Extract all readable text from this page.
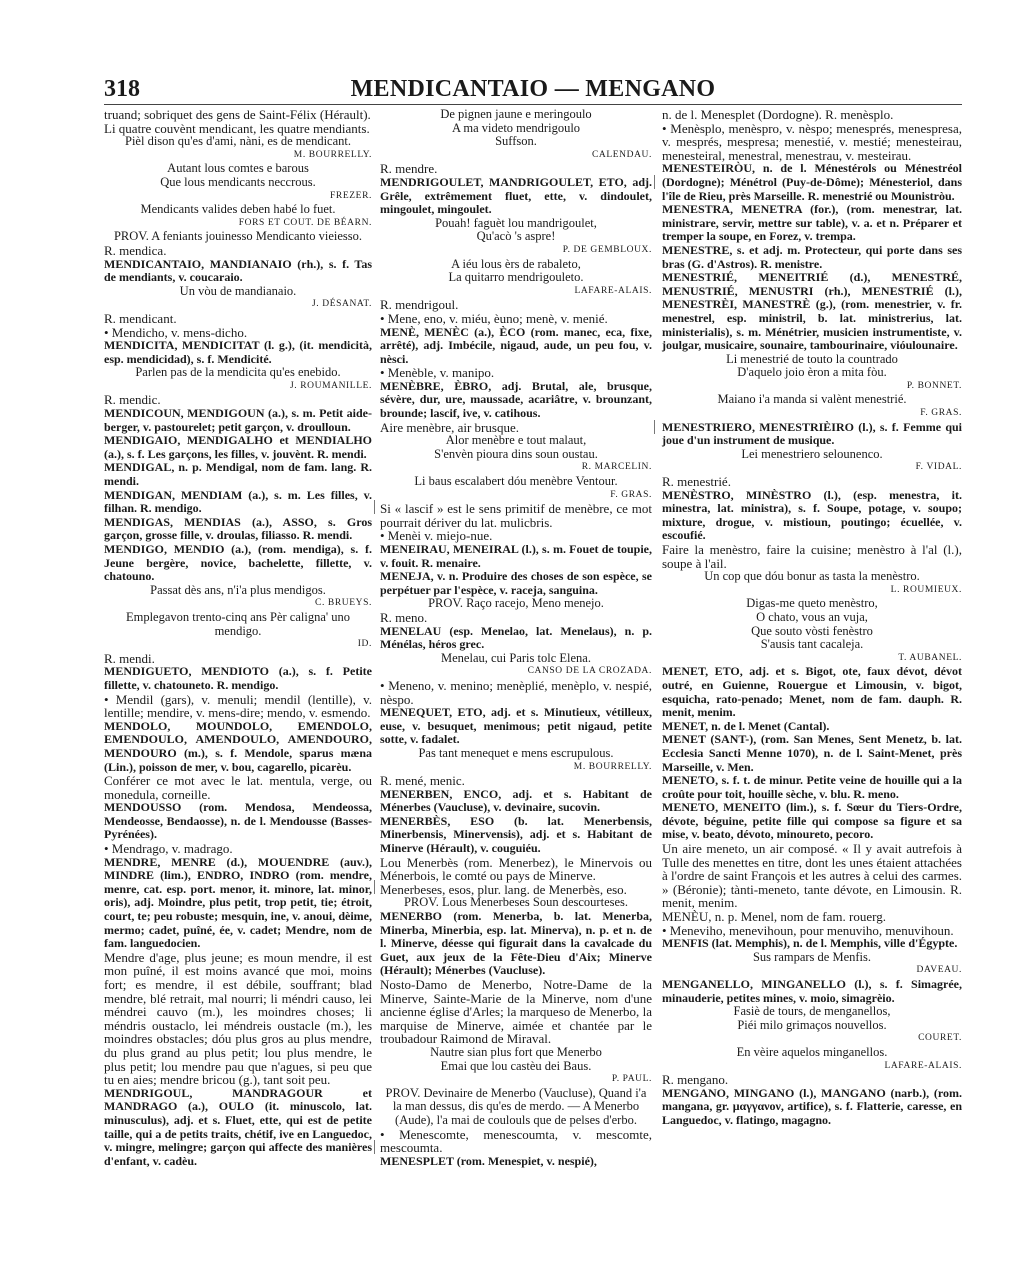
318	MENDICANTAIO — MENGANO

truand; sobriquet des gens de Saint-Félix (Hérault).

Li quatre couvènt mendicant, les quatre mendiants.

Pièl dison qu'es d'ami, nàni, es de mendicant.

M. BOURRELLY.

Autant lous comtes e barous

Que lous mendicants neccrous.

FREZER.

Mendicants valides deben habé lo fuet.

FORS ET COUT. DE BÉARN.

PROV. A feniants jouinesso Mendicanto vieiesso.

R. mendica.

MENDICANTAIO, MANDIANAIO (rh.), s. f. Tas de mendiants, v. coucaraio.

Un vòu de mandianaio.

J. DÉSANAT.

R. mendicant.

• Mendicho, v. mens-dicho.

MENDICITA, MENDICITAT (l. g.), (it. mendicità, esp. mendicidad), s. f. Mendicité.

Parlen pas de la mendicita qu'es enebido.

J. ROUMANILLE.

R. mendic.

MENDICOUN, MENDIGOUN (a.), s. m. Petit aide-berger, v. pastourelet; petit garçon, v. droulloun.

MENDIGAIO, MENDIGALHO et MENDIALHO (a.), s. f. Les garçons, les filles, v. jouvènt. R. mendi.

MENDIGAL, n. p. Mendigal, nom de fam. lang. R. mendi.

MENDIGAN, MENDIAM (a.), s. m. Les filles, v. filhan. R. mendigo.

MENDIGAS, MENDIAS (a.), ASSO, s. Gros garçon, grosse fille, v. droulas, filiasso. R. mendi.

MENDIGO, MENDIO (a.), (rom. mendiga), s. f. Jeune bergère, novice, bachelette, fillette, v. chatouno.

Passat dès ans, n'i'a plus mendigos.

C. BRUEYS.

Emplegavon trento-cinq ans Pèr caligna' uno mendigo.

ID.

R. mendi.

MENDIGUETO, MENDIOTO (a.), s. f. Petite fillette, v. chatouneto. R. mendigo.

• Mendil (gars), v. menuli; mendil (lentille), v. lentille; mendire, v. mens-dire; mendo, v. esmendo.

MENDOLO, MOUNDOLO, EMENDOLO, EMENDOULO, AMENDOULO, AMENDOURO, MENDOURO (m.), s. f. Mendole, sparus mæna (Lin.), poisson de mer, v. bou, cagarello, picarèu.

Conférer ce mot avec le lat. mentula, verge, ou monedula, corneille.

MENDOUSSO (rom. Mendosa, Mendeossa, Mendeosse, Bendaosse), n. de l. Mendousse (Basses-Pyrénées).

• Mendrago, v. madrago.

MENDRE, MENRE (d.), MOUENDRE (auv.), MINDRE (lim.), ENDRO, INDRO (rom. mendre, menre, cat. esp. port. menor, it. minore, lat. minor, oris), adj. Moindre, plus petit, trop petit, tie; étroit, court, te; peu robuste; mesquin, ine, v. anoui, dèime, mermo; cadet, puîné, ée, v. cadet; Mendre, nom de fam. languedocien.

Mendre d'age, plus jeune; es moun mendre, il est mon puîné, il est moins avancé que moi, moins fort; es mendre, il est débile, souffrant; blad mendre, blé retrait, mal nourri; li méndri causo, lei méndrei cauvo (m.), les moindres choses; li méndris oustaclo, lei méndreis oustacle (m.), les moindres obstacles; dóu plus gros au plus mendre, du plus grand au plus petit; lou plus mendre, le plus petit; lou mendre pau que n'agues, si peu que tu en aies; mendre bricou (g.), tant soit peu.

MENDRIGOUL, MANDRAGOUR et MANDRAGO (a.), OULO (it. minuscolo, lat. minusculus), adj. et s. Fluet, ette, qui est de petite taille, qui a de petits traits, chétif, ive en Languedoc, v. mingre, melingre; garçon qui affecte des manières d'enfant, v. cadèu.

De pignen jaune e meringoulo

A ma videto mendrigoulo

Suffson.

CALENDAU.

R. mendre.

MENDRIGOULET, MANDRIGOULET, ETO, adj. Grêle, extrêmement fluet, ette, v. dindoulet, mingoulet, mingoulet.

Pouah! faguèt lou mandrigoulet,

Qu'acò 's aspre!

P. DE GEMBLOUX.

A iéu lous èrs de rabaleto,

La quitarro mendrigouleto.

LAFARE-ALAIS.

R. mendrigoul.

• Mene, eno, v. miéu, èuno; menè, v. menié.

MENÈ, MENÈC (a.), ÈCO (rom. manec, eca, fixe, arrêté), adj. Imbécile, nigaud, aude, un peu fou, v. nèsci.

• Menèble, v. manipo.

MENÈBRE, ÈBRO, adj. Brutal, ale, brusque, sévère, dur, ure, maussade, acariâtre, v. brounzant, brounde; lascif, ive, v. catihous.

Aire menèbre, air brusque.

Alor menèbre e tout malaut,

S'envèn pioura dins soun oustau.

R. MARCELIN.

Li baus escalabert dóu menèbre Ventour.

F. GRAS.

Si « lascif » est le sens primitif de menèbre, ce mot pourrait dériver du lat. mulicbris.

• Menèi v. miejo-nue.

MENEIRAU, MENEIRAL (l.), s. m. Fouet de toupie, v. fouit. R. menaire.

MENEJA, v. n. Produire des choses de son espèce, se perpétuer par l'espèce, v. raceja, sanguina.

PROV. Raço racejo, Meno menejo.

R. meno.

MENELAU (esp. Menelao, lat. Menelaus), n. p. Ménélas, héros grec.

Menelau, cui Paris tolc Elena.

CANSO DE LA CROZADA.

• Meneno, v. menino; menèplié, menèplo, v. nespié, nèspo.

MENEQUET, ETO, adj. et s. Minutieux, vétilleux, euse, v. besuquet, menimous; petit nigaud, petite sotte, v. fadalet.

Pas tant menequet e mens escrupulous.

M. BOURRELLY.

R. mené, menic.

MENERBEN, ENCO, adj. et s. Habitant de Ménerbes (Vaucluse), v. devinaire, sucovin.

MENERBÈS, ESO (b. lat. Menerbensis, Minerbensis, Minervensis), adj. et s. Habitant de Minerve (Hérault), v. couguiéu.

Lou Menerbès (rom. Menerbez), le Minervois ou Ménerbois, le comté ou pays de Minerve.

Menerbeses, esos, plur. lang. de Menerbès, eso.

PROV. Lous Menerbeses Soun descourteses.

MENERBO (rom. Menerba, b. lat. Menerba, Minerba, Minerbia, esp. lat. Minerva), n. p. et n. de l. Minerve, déesse qui figurait dans la cavalcade du Guet, aux jeux de la Fête-Dieu d'Aix; Minerve (Hérault); Ménerbes (Vaucluse).

Nosto-Damo de Menerbo, Notre-Dame de la Minerve, Sainte-Marie de la Minerve, nom d'une ancienne église d'Arles; la marqueso de Menerbo, la marquise de Minerve, aimée et chantée par le troubadour Raimond de Miraval.

Nautre sian plus fort que Menerbo

Emai que lou castèu dei Baus.

P. PAUL.

PROV. Devinaire de Menerbo (Vaucluse), Quand i'a la man dessus, dis qu'es de merdo. — A Menerbo (Aude), l'a mai de coulouls que de pelses d'erbo.

• Menescomte, menescoumta, v. mescomte, mescoumta.

MENESPLET (rom. Menespiet, v. nespié),

n. de l. Menesplet (Dordogne). R. menèsplo.

• Menèsplo, menèspro, v. nèspo; menesprés, menespresa, v. mesprés, mespresa; menestié, v. mestié; menesteirau, menesteiral, menestral, menestrau, v. mesteirau.

MENESTEIRÒU, n. de l. Ménestérols ou Ménestréol (Dordogne); Ménétrol (Puy-de-Dôme); Ménesteriol, dans l'île de Rieu, près Marseille. R. menestrié ou Mounistròu.

MENESTRA, MENETRA (for.), (rom. menestrar, lat. ministrare, servir, mettre sur table), v. a. et n. Préparer et tremper la soupe, en Forez, v. trempa.

MENESTRE, s. et adj. m. Protecteur, qui porte dans ses bras (G. d'Astros). R. menistre.

MENESTRIÉ, MENEITRIÉ (d.), MENESTRÉ, MENUSTRIÉ, MENUSTRI (rh.), MENESTRIÉ (l.), MENESTRÈI, MANESTRÈ (g.), (rom. menestrier, v. fr. menestrel, esp. ministril, b. lat. ministrerius, lat. ministerialis), s. m. Ménétrier, musicien instrumentiste, v. joulgar, musicaire, sounaire, tambourinaire, vióulounaire.

Li menestrié de touto la countrado

D'aquelo joio èron a mita fòu.

P. BONNET.

Maiano i'a manda si valènt menestrié.

F. GRAS.

MENESTRIERO, MENESTRIÈIRO (l.), s. f. Femme qui joue d'un instrument de musique.

Lei menestriero selounenco.

F. VIDAL.

R. menestrié.

MENÈSTRO, MINÈSTRO (l.), (esp. menestra, it. minestra, lat. ministra), s. f. Soupe, potage, v. soupo; mixture, drogue, v. mistioun, poutingo; écuellée, v. escoufié.

Faire la menèstro, faire la cuisine; menèstro à l'al (l.), soupe à l'ail.

Un cop que dóu bonur as tasta la menèstro.

L. ROUMIEUX.

Digas-me queto menèstro,

O chato, vous an vuja,

Que souto vòsti fenèstro

S'ausis tant cacaleja.

T. AUBANEL.

MENET, ETO, adj. et s. Bigot, ote, faux dévot, dévot outré, en Guienne, Rouergue et Limousin, v. bigot, esquicha, rato-penado; Menet, nom de fam. dauph. R. menit, menim.

MENET, n. de l. Menet (Cantal).

MENET (SANT-), (rom. San Menes, Sent Menetz, b. lat. Ecclesia Sancti Menne 1070), n. de l. Saint-Menet, près Marseille, v. Men.

MENETO, s. f. t. de minur. Petite veine de houille qui a la croûte pour toit, houille sèche, v. blu. R. meno.

MENETO, MENEITO (lim.), s. f. Sœur du Tiers-Ordre, dévote, béguine, petite fille qui compose sa figure et sa mise, v. beato, dévoto, minoureto, pecoro.

Un aire meneto, un air composé. « Il y avait autrefois à Tulle des menettes en titre, dont les unes étaient attachées à l'ordre de saint François et les autres à celui des carmes. » (Béronie); tànti-meneto, tante dévote, en Limousin. R. menit, menim.

MENÈU, n. p. Menel, nom de fam. rouerg.

• Meneviho, menevihoun, pour menuviho, menuvihoun.

MENFIS (lat. Memphis), n. de l. Memphis, ville d'Égypte.

Sus rampars de Menfis.

DAVEAU.

MENGANELLO, MINGANELLO (l.), s. f. Simagrée, minauderie, petites mines, v. moio, simagrèio.

Fasiè de tours, de menganellos,

Piéi milo grimaços nouvellos.

COURET.

En vèire aquelos minganellos.

LAFARE-ALAIS.

R. mengano.

MENGANO, MINGANO (l.), MANGANO (narb.), (rom. mangana, gr. μαγγανον, artifice), s. f. Flatterie, caresse, en Languedoc, v. flatingo, magagno.
